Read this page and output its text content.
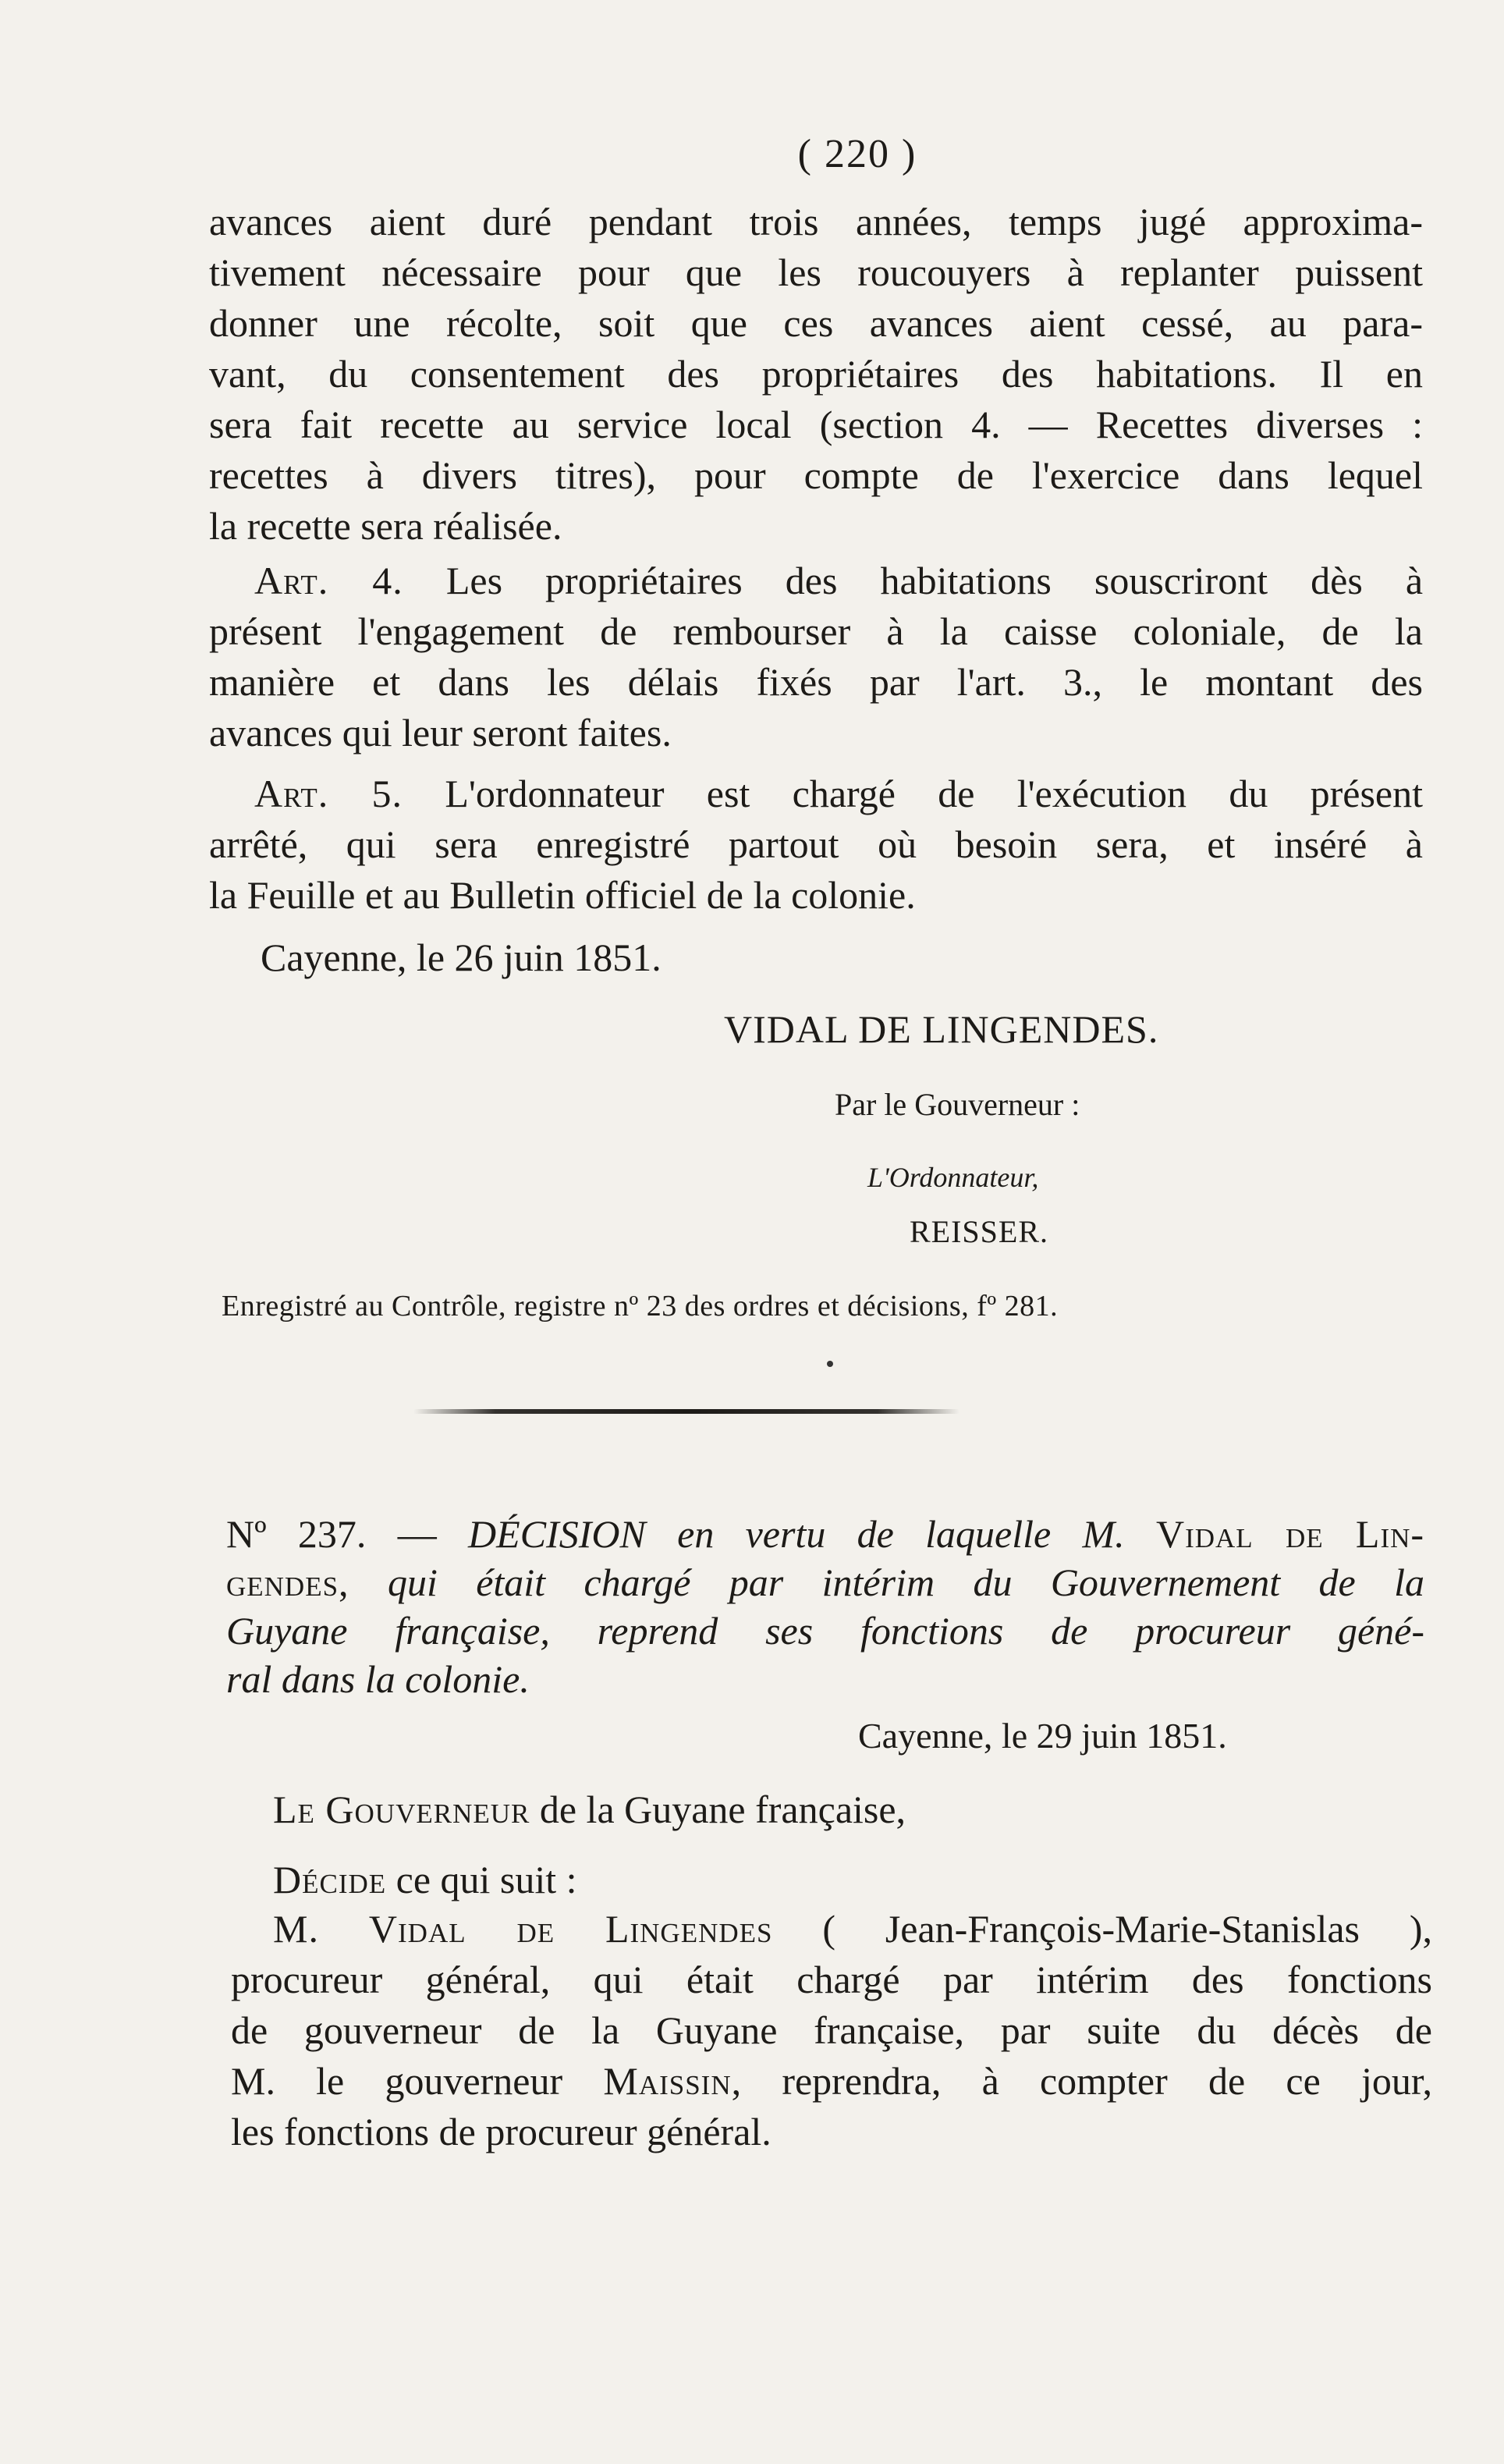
( 220 )
avances aient duré pendant trois années, temps jugé approxima-
tivement nécessaire pour que les roucouyers à replanter puissent
donner une récolte, soit que ces avances aient cessé, au para-
vant, du consentement des propriétaires des habitations. Il en
sera fait recette au service local (section 4. — Recettes diverses :
recettes à divers titres), pour compte de l'exercice dans lequel
la recette sera réalisée.
Art. 4. Les propriétaires des habitations souscriront dès à
présent l'engagement de rembourser à la caisse coloniale, de la
manière et dans les délais fixés par l'art. 3., le montant des
avances qui leur seront faites.
Art. 5. L'ordonnateur est chargé de l'exécution du présent
arrêté, qui sera enregistré partout où besoin sera, et inséré à
la Feuille et au Bulletin officiel de la colonie.
Cayenne, le 26 juin 1851.
VIDAL DE LINGENDES.
Par le Gouverneur :
L'Ordonnateur,
REISSER.
Enregistré au Contrôle, registre nº 23 des ordres et décisions, fº 281.
Nº 237. — DÉCISION en vertu de laquelle M. Vidal de Lin-
gendes, qui était chargé par intérim du Gouvernement de la
Guyane française, reprend ses fonctions de procureur géné-
ral dans la colonie.
Cayenne, le 29 juin 1851.
Le Gouverneur de la Guyane française,
Décide ce qui suit :
M. Vidal de Lingendes ( Jean-François-Marie-Stanislas ),
procureur général, qui était chargé par intérim des fonctions
de gouverneur de la Guyane française, par suite du décès de
M. le gouverneur Maissin, reprendra, à compter de ce jour,
les fonctions de procureur général.
